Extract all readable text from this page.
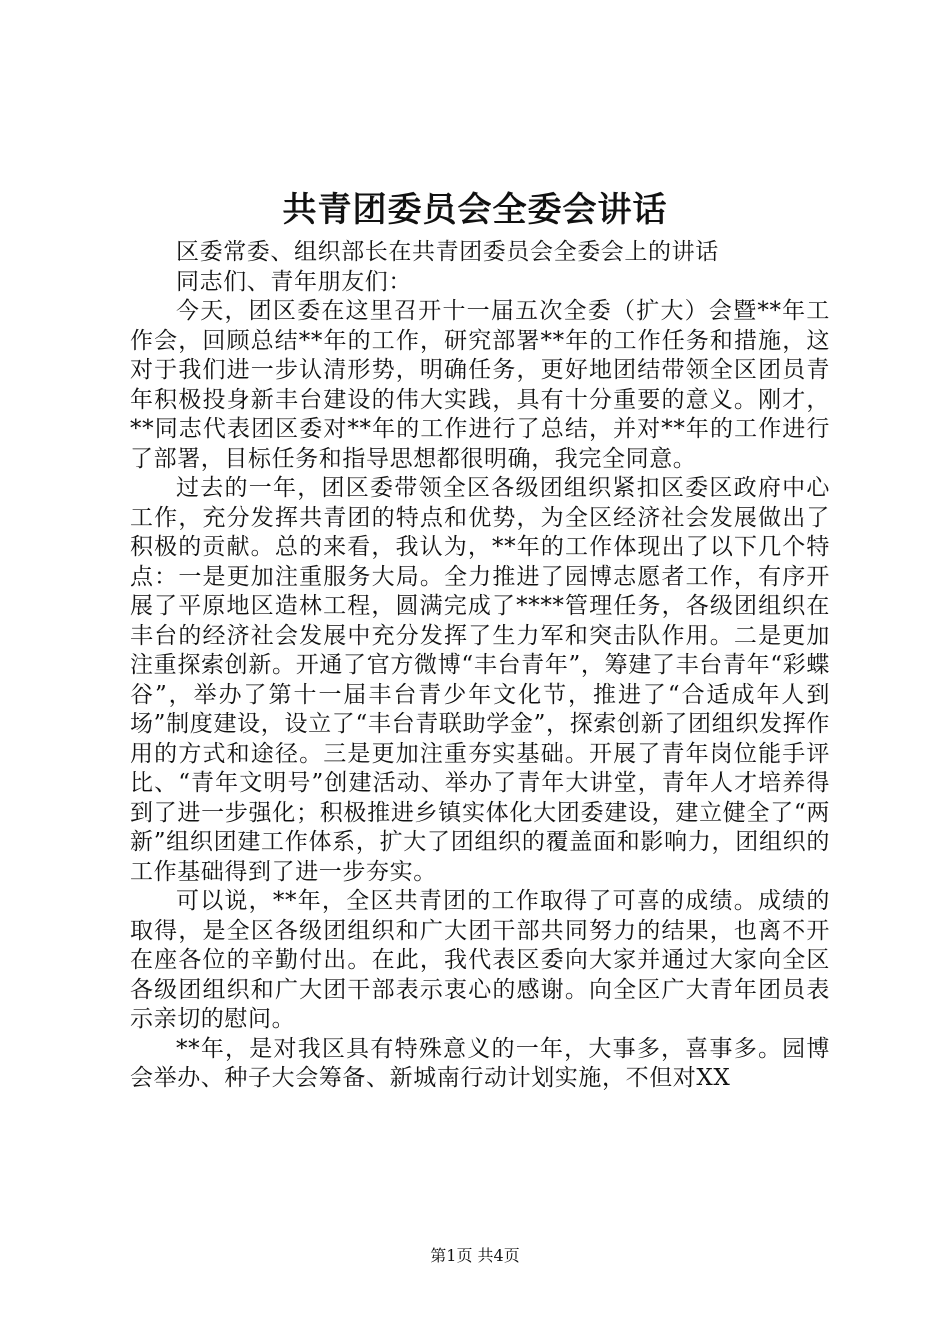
共青团委员会全委会讲话

区委常委、组织部长在共青团委员会全委会上的讲话

同志们、青年朋友们：

今天，团区委在这里召开十一届五次全委（扩大）会暨**年工作会，回顾总结**年的工作，研究部署**年的工作任务和措施，这对于我们进一步认清形势，明确任务，更好地团结带领全区团员青年积极投身新丰台建设的伟大实践，具有十分重要的意义。刚才，**同志代表团区委对**年的工作进行了总结，并对**年的工作进行了部署，目标任务和指导思想都很明确，我完全同意。

过去的一年，团区委带领全区各级团组织紧扣区委区政府中心工作，充分发挥共青团的特点和优势，为全区经济社会发展做出了积极的贡献。总的来看，我认为，**年的工作体现出了以下几个特点：一是更加注重服务大局。全力推进了园博志愿者工作，有序开展了平原地区造林工程，圆满完成了****管理任务，各级团组织在丰台的经济社会发展中充分发挥了生力军和突击队作用。二是更加注重探索创新。开通了官方微博“丰台青年”，筹建了丰台青年“彩蝶谷”，举办了第十一届丰台青少年文化节，推进了“合适成年人到场”制度建设，设立了“丰台青联助学金”，探索创新了团组织发挥作用的方式和途径。三是更加注重夯实基础。开展了青年岗位能手评比、“青年文明号”创建活动、举办了青年大讲堂，青年人才培养得到了进一步强化；积极推进乡镇实体化大团委建设，建立健全了“两新”组织团建工作体系，扩大了团组织的覆盖面和影响力，团组织的工作基础得到了进一步夯实。

可以说，**年，全区共青团的工作取得了可喜的成绩。成绩的取得，是全区各级团组织和广大团干部共同努力的结果，也离不开在座各位的辛勤付出。在此，我代表区委向大家并通过大家向全区各级团组织和广大团干部表示衷心的感谢。向全区广大青年团员表示亲切的慰问。

**年，是对我区具有特殊意义的一年，大事多，喜事多。园博会举办、种子大会筹备、新城南行动计划实施，不但对XX

第1页 共4页
